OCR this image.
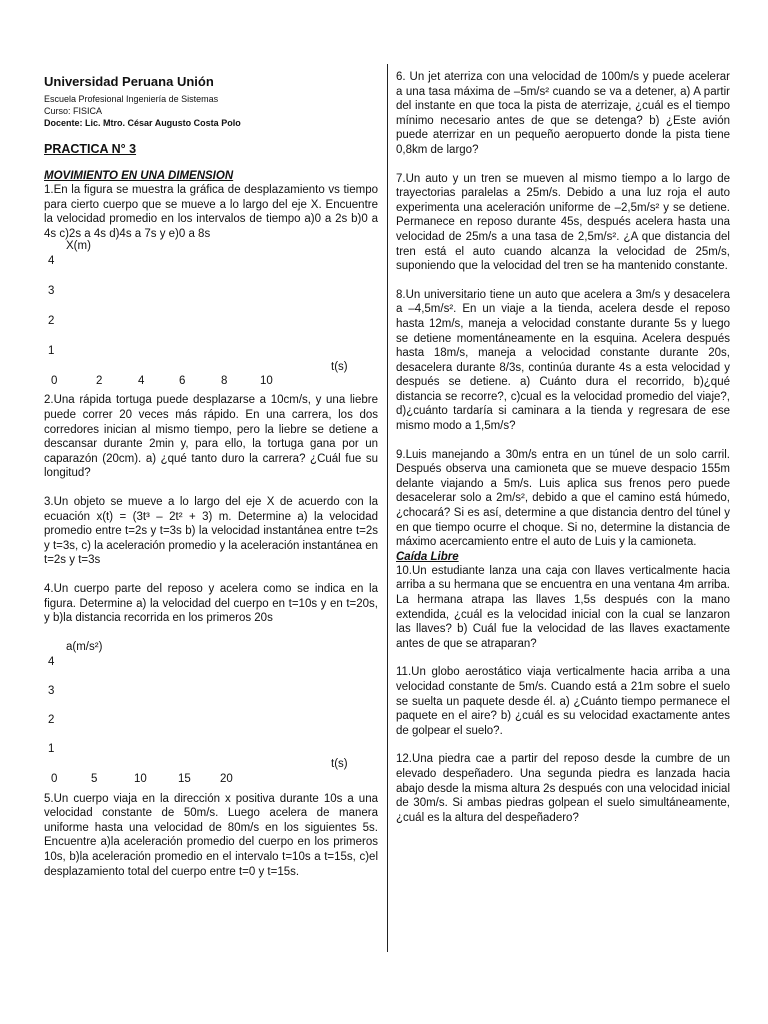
Universidad Peruana Unión

Escuela Profesional Ingeniería de Sistemas

Curso: FISICA

Docente: Lic. Mtro. César Augusto Costa Polo

PRACTICA N° 3

MOVIMIENTO EN UNA DIMENSION

1.En la figura se muestra la gráfica de desplazamiento vs tiempo para cierto cuerpo que se mueve a lo largo del eje X. Encuentre la velocidad promedio en los intervalos de tiempo a)0 a 2s b)0 a 4s c)2s a 4s d)4s a 7s y e)0 a 8s

X(m)
4
3
2
1
0	2	4	6	8	10
t(s)

2.Una rápida tortuga puede desplazarse a 10cm/s, y una liebre puede correr 20 veces más rápido. En una carrera, los dos corredores inician al mismo tiempo, pero la liebre se detiene a descansar durante 2min y, para ello, la tortuga gana por un caparazón (20cm). a) ¿qué tanto duro la carrera? ¿Cuál fue su longitud?

3.Un objeto se mueve a lo largo del eje X de acuerdo con la ecuación x(t) = (3t³ – 2t² + 3) m. Determine a) la velocidad promedio entre t=2s y t=3s b) la velocidad instantánea entre t=2s y t=3s, c) la aceleración promedio y la aceleración instantánea en t=2s y t=3s

4.Un cuerpo parte del reposo y acelera como se indica en la figura. Determine a) la velocidad del cuerpo en t=10s y en t=20s, y b)la distancia recorrida en los primeros 20s

a(m/s²)
4
3
2
1
0	5	10	15	20
t(s)

5.Un cuerpo viaja en la dirección x positiva durante 10s a una velocidad constante de 50m/s. Luego acelera de manera uniforme hasta una velocidad de 80m/s en los siguientes 5s. Encuentre a)la aceleración promedio del cuerpo en los primeros 10s, b)la aceleración promedio en el intervalo t=10s a t=15s, c)el desplazamiento total del cuerpo entre t=0 y t=15s.

6. Un jet aterriza con una velocidad de 100m/s y puede acelerar a una tasa máxima de –5m/s² cuando se va a detener, a) A partir del instante en que toca la pista de aterrizaje, ¿cuál es el tiempo mínimo necesario antes de que se detenga? b) ¿Este avión puede aterrizar en un pequeño aeropuerto donde la pista tiene 0,8km de largo?

7.Un auto y un tren se mueven al mismo tiempo a lo largo de trayectorias paralelas a 25m/s. Debido a una luz roja el auto experimenta una aceleración uniforme de –2,5m/s² y se detiene. Permanece en reposo durante 45s, después acelera hasta una velocidad de 25m/s a una tasa de 2,5m/s². ¿A que distancia del tren está el auto cuando alcanza la velocidad de 25m/s, suponiendo que la velocidad del tren se ha mantenido constante.

8.Un universitario tiene un auto que acelera a 3m/s y desacelera a –4,5m/s². En un viaje a la tienda, acelera desde el reposo hasta 12m/s, maneja a velocidad constante durante 5s y luego se detiene momentáneamente en la esquina. Acelera después hasta 18m/s, maneja a velocidad constante durante 20s, desacelera durante 8/3s, continúa durante 4s a esta velocidad y después se detiene. a) Cuánto dura el recorrido, b)¿qué distancia se recorre?, c)cual es la velocidad promedio del viaje?, d)¿cuánto tardaría si caminara a la tienda y regresara de ese mismo modo a 1,5m/s?

9.Luis manejando a 30m/s entra en un túnel de un solo carril. Después observa una camioneta que se mueve despacio 155m delante viajando a 5m/s. Luis aplica sus frenos pero puede desacelerar solo a 2m/s², debido a que el camino está húmedo, ¿chocará? Si es así, determine a que distancia dentro del túnel y en que tiempo ocurre el choque. Si no, determine la distancia de máximo acercamiento entre el auto de Luis y la camioneta.

Caída Libre

10.Un estudiante lanza una caja con llaves verticalmente hacia arriba a su hermana que se encuentra en una ventana 4m arriba. La hermana atrapa las llaves 1,5s después con la mano extendida, ¿cuál es la velocidad inicial con la cual se lanzaron las llaves? b) Cuál fue la velocidad de las llaves exactamente antes de que se atraparan?

11.Un globo aerostático viaja verticalmente hacia arriba a una velocidad constante de 5m/s. Cuando está a 21m sobre el suelo se suelta un paquete desde él. a) ¿Cuánto tiempo permanece el paquete en el aire? b) ¿cuál es su velocidad exactamente antes de golpear el suelo?.

12.Una piedra cae a partir del reposo desde la cumbre de un elevado despeñadero. Una segunda piedra es lanzada hacia abajo desde la misma altura 2s después con una velocidad inicial de 30m/s. Si ambas piedras golpean el suelo simultáneamente, ¿cuál es la altura del despeñadero?
